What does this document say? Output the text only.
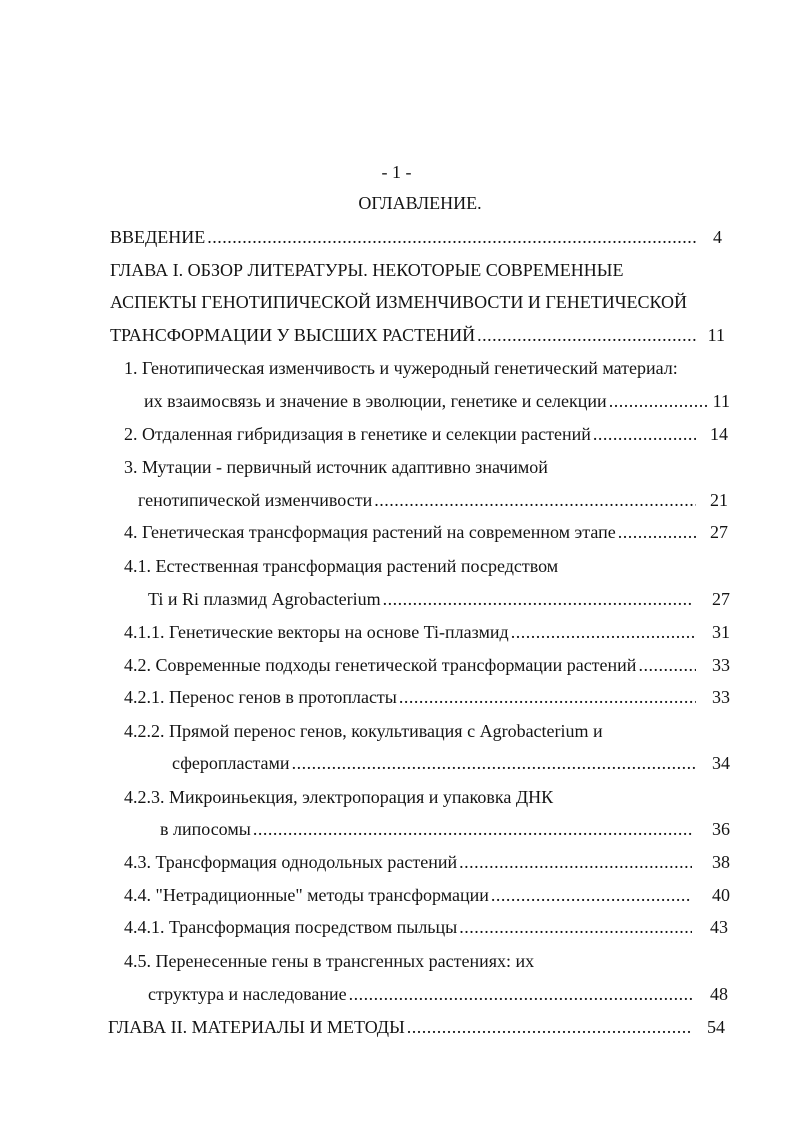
- 1 -
ОГЛАВЛЕНИЕ.
ВВЕДЕНИЕ .....	4
ГЛАВА I. ОБЗОР ЛИТЕРАТУРЫ. НЕКОТОРЫЕ СОВРЕМЕННЫЕ
АСПЕКТЫ ГЕНОТИПИЧЕСКОЙ ИЗМЕНЧИВОСТИ И ГЕНЕТИЧЕСКОЙ
ТРАНСФОРМАЦИИ У ВЫСШИХ РАСТЕНИЙ .....	11
1. Генотипическая изменчивость и чужеродный генетический материал:
их взаимосвязь и значение в эволюции, генетике и селекции .....	11
2. Отдаленная гибридизация в генетике и селекции растений .....	14
3. Мутации - первичный источник адаптивно значимой
генотипической изменчивости .....	21
4. Генетическая трансформация растений на современном этапе .....	27
4.1. Естественная трансформация растений посредством
Ti и Ri плазмид Agrobacterium .....	27
4.1.1. Генетические векторы на основе Ti-плазмид .....	31
4.2. Современные подходы генетической трансформации растений .....	33
4.2.1. Перенос генов в протопласты .....	33
4.2.2. Прямой перенос генов, кокультивация с Agrobacterium и
сферопластами .....	34
4.2.3. Микроиньекция, электропорация и упаковка ДНК
в липосомы .....	36
4.3. Трансформация однодольных растений .....	38
4.4. "Нетрадиционные" методы трансформации .....	40
4.4.1. Трансформация посредством пыльцы .....	43
4.5. Перенесенные гены в трансгенных растениях: их
структура и наследование .....	48
ГЛАВА II. МАТЕРИАЛЫ И МЕТОДЫ .....	54
